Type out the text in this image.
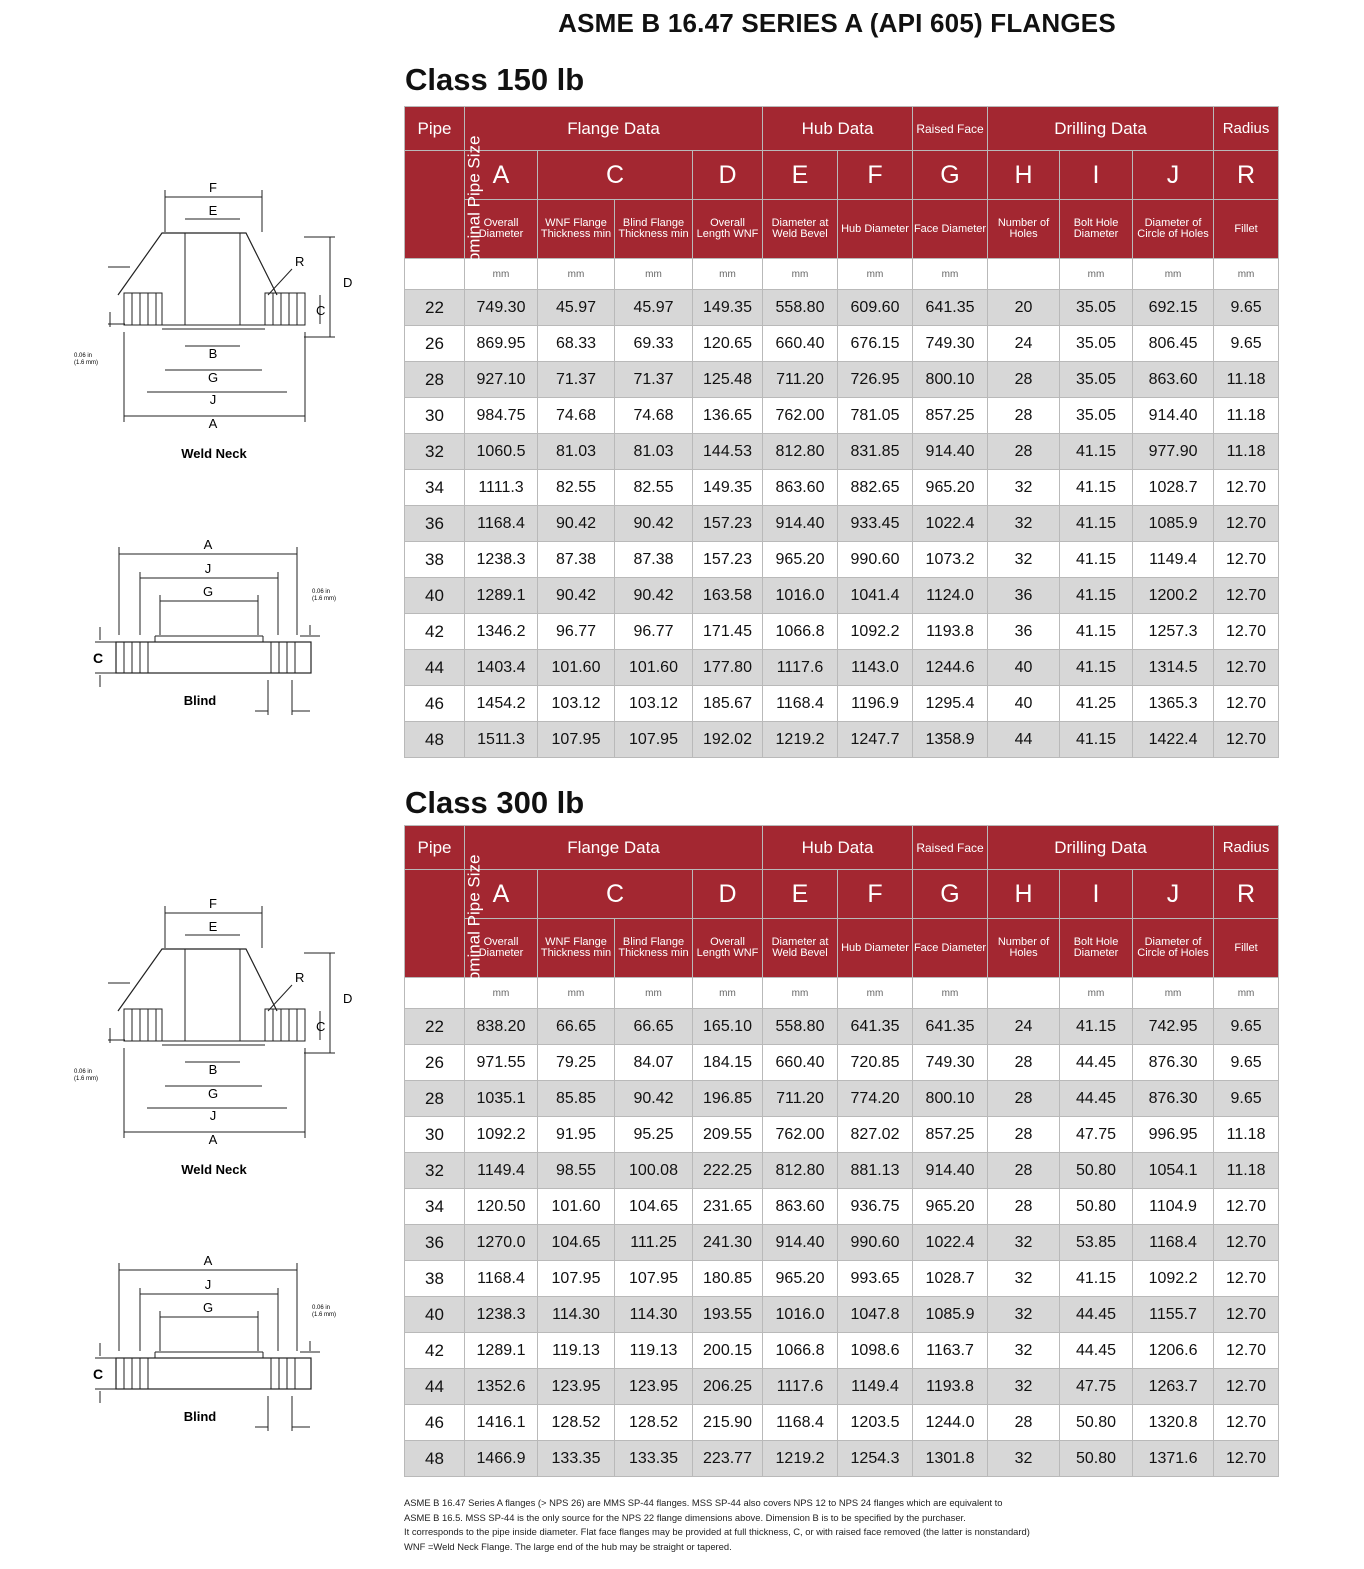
ASME B 16.47 SERIES A (API 605) FLANGES
Class 150 lb
Pipe	Flange Data				Hub Data		Raised Face	Drilling Data			Radius
Nominal Pipe Size	A	C		D	E	F	G	H	I	J	R
	Overall Diameter	WNF Flange Thickness min	Blind Flange Thickness min	Overall Length WNF	Diameter at Weld Bevel	Hub Diameter	Face Diameter	Number of Holes	Bolt Hole Diameter	Diameter of Circle of Holes	Fillet
	mm	mm	mm	mm	mm	mm	mm		mm	mm	mm
22	749.30	45.97	45.97	149.35	558.80	609.60	641.35	20	35.05	692.15	9.65
26	869.95	68.33	69.33	120.65	660.40	676.15	749.30	24	35.05	806.45	9.65
28	927.10	71.37	71.37	125.48	711.20	726.95	800.10	28	35.05	863.60	11.18
30	984.75	74.68	74.68	136.65	762.00	781.05	857.25	28	35.05	914.40	11.18
32	1060.5	81.03	81.03	144.53	812.80	831.85	914.40	28	41.15	977.90	11.18
34	1111.3	82.55	82.55	149.35	863.60	882.65	965.20	32	41.15	1028.7	12.70
36	1168.4	90.42	90.42	157.23	914.40	933.45	1022.4	32	41.15	1085.9	12.70
38	1238.3	87.38	87.38	157.23	965.20	990.60	1073.2	32	41.15	1149.4	12.70
40	1289.1	90.42	90.42	163.58	1016.0	1041.4	1124.0	36	41.15	1200.2	12.70
42	1346.2	96.77	96.77	171.45	1066.8	1092.2	1193.8	36	41.15	1257.3	12.70
44	1403.4	101.60	101.60	177.80	1117.6	1143.0	1244.6	40	41.15	1314.5	12.70
46	1454.2	103.12	103.12	185.67	1168.4	1196.9	1295.4	40	41.25	1365.3	12.70
48	1511.3	107.95	107.95	192.02	1219.2	1247.7	1358.9	44	41.15	1422.4	12.70
Class 300 lb
Pipe	Flange Data				Hub Data		Raised Face	Drilling Data			Radius
Nominal Pipe Size	A	C		D	E	F	G	H	I	J	R
	Overall Diameter	WNF Flange Thickness min	Blind Flange Thickness min	Overall Length WNF	Diameter at Weld Bevel	Hub Diameter	Face Diameter	Number of Holes	Bolt Hole Diameter	Diameter of Circle of Holes	Fillet
	mm	mm	mm	mm	mm	mm	mm		mm	mm	mm
22	838.20	66.65	66.65	165.10	558.80	641.35	641.35	24	41.15	742.95	9.65
26	971.55	79.25	84.07	184.15	660.40	720.85	749.30	28	44.45	876.30	9.65
28	1035.1	85.85	90.42	196.85	711.20	774.20	800.10	28	44.45	876.30	9.65
30	1092.2	91.95	95.25	209.55	762.00	827.02	857.25	28	47.75	996.95	11.18
32	1149.4	98.55	100.08	222.25	812.80	881.13	914.40	28	50.80	1054.1	11.18
34	120.50	101.60	104.65	231.65	863.60	936.75	965.20	28	50.80	1104.9	12.70
36	1270.0	104.65	111.25	241.30	914.40	990.60	1022.4	32	53.85	1168.4	12.70
38	1168.4	107.95	107.95	180.85	965.20	993.65	1028.7	32	41.15	1092.2	12.70
40	1238.3	114.30	114.30	193.55	1016.0	1047.8	1085.9	32	44.45	1155.7	12.70
42	1289.1	119.13	119.13	200.15	1066.8	1098.6	1163.7	32	44.45	1206.6	12.70
44	1352.6	123.95	123.95	206.25	1117.6	1149.4	1193.8	32	47.75	1263.7	12.70
46	1416.1	128.52	128.52	215.90	1168.4	1203.5	1244.0	28	50.80	1320.8	12.70
48	1466.9	133.35	133.35	223.77	1219.2	1254.3	1301.8	32	50.80	1371.6	12.70
F
E
D
C
R
B
G
J
A
0.06 in
(1.6 mm)
Weld Neck
A
J
G
C
0.06 in
(1.6 mm)
Blind
F
E
D
C
R
B
G
J
A
0.06 in
(1.6 mm)
Weld Neck
A
J
G
C
0.06 in
(1.6 mm)
Blind
ASME B 16.47 Series A flanges (> NPS 26) are MMS SP-44 flanges. MSS SP-44 also covers NPS 12 to NPS 24 flanges which are equivalent to
ASME B 16.5. MSS SP-44 is the only source for the NPS 22 flange dimensions above. Dimension B is to be specified by the purchaser.
It corresponds to the pipe inside diameter. Flat face flanges may be provided at full thickness, C, or with raised face removed (the latter is nonstandard)
WNF =Weld Neck Flange. The large end of the hub may be straight or tapered.
